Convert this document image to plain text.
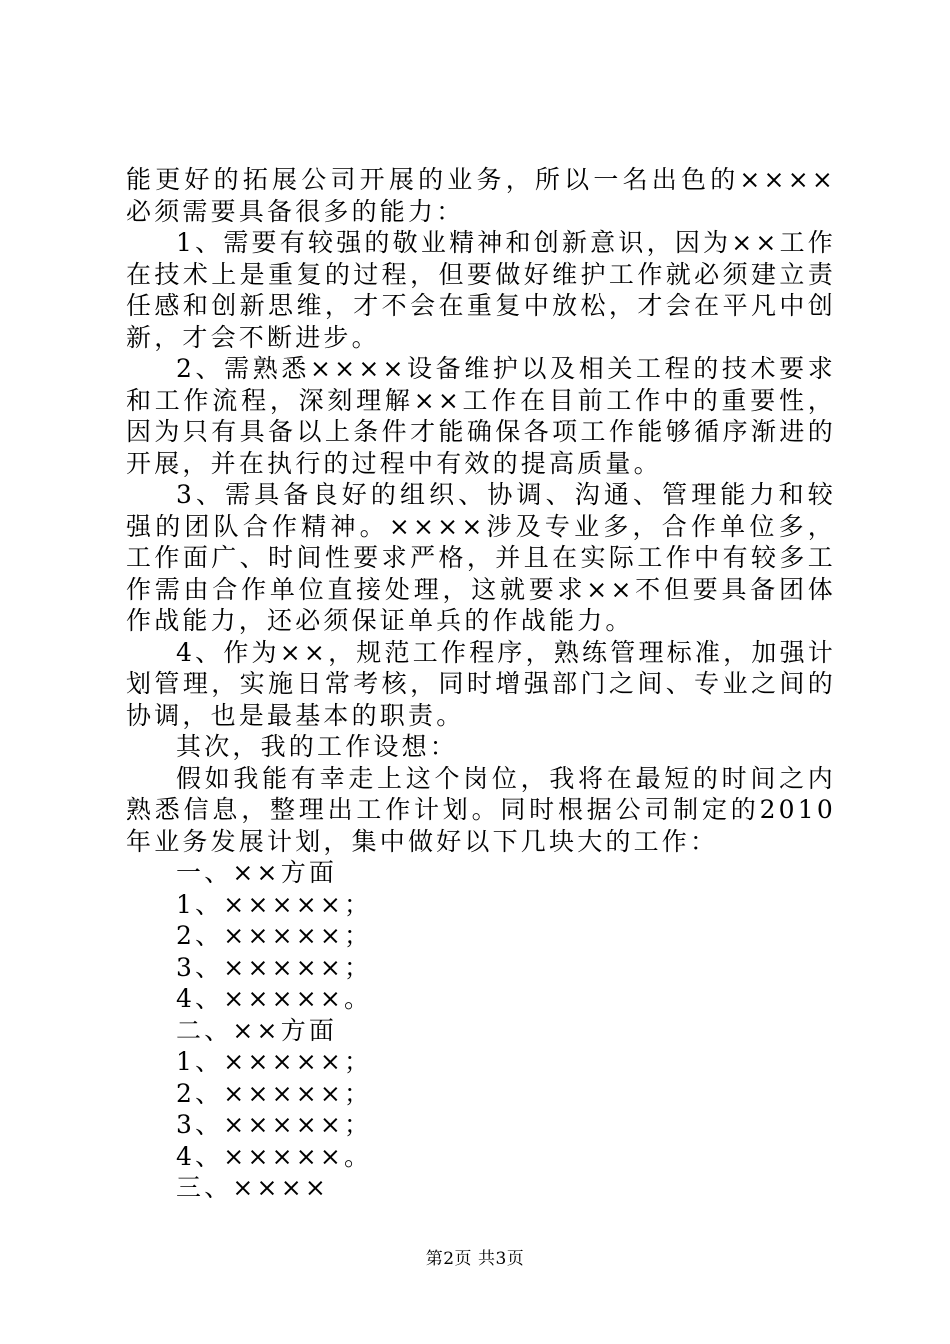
能更好的拓展公司开展的业务，所以一名出色的××××必须需要具备很多的能力：

1、需要有较强的敬业精神和创新意识，因为××工作在技术上是重复的过程，但要做好维护工作就必须建立责任感和创新思维，才不会在重复中放松，才会在平凡中创新，才会不断进步。

2、需熟悉××××设备维护以及相关工程的技术要求和工作流程，深刻理解××工作在目前工作中的重要性，因为只有具备以上条件才能确保各项工作能够循序渐进的开展，并在执行的过程中有效的提高质量。

3、需具备良好的组织、协调、沟通、管理能力和较强的团队合作精神。××××涉及专业多，合作单位多，工作面广、时间性要求严格，并且在实际工作中有较多工作需由合作单位直接处理，这就要求××不但要具备团体作战能力，还必须保证单兵的作战能力。

4、作为××，规范工作程序，熟练管理标准，加强计划管理，实施日常考核，同时增强部门之间、专业之间的协调，也是最基本的职责。

其次，我的工作设想：

假如我能有幸走上这个岗位，我将在最短的时间之内熟悉信息，整理出工作计划。同时根据公司制定的2010年业务发展计划，集中做好以下几块大的工作：

一、××方面

1、×××××；

2、×××××；

3、×××××；

4、×××××。

二、××方面

1、×××××；

2、×××××；

3、×××××；

4、×××××。

三、××××

第2页 共3页
